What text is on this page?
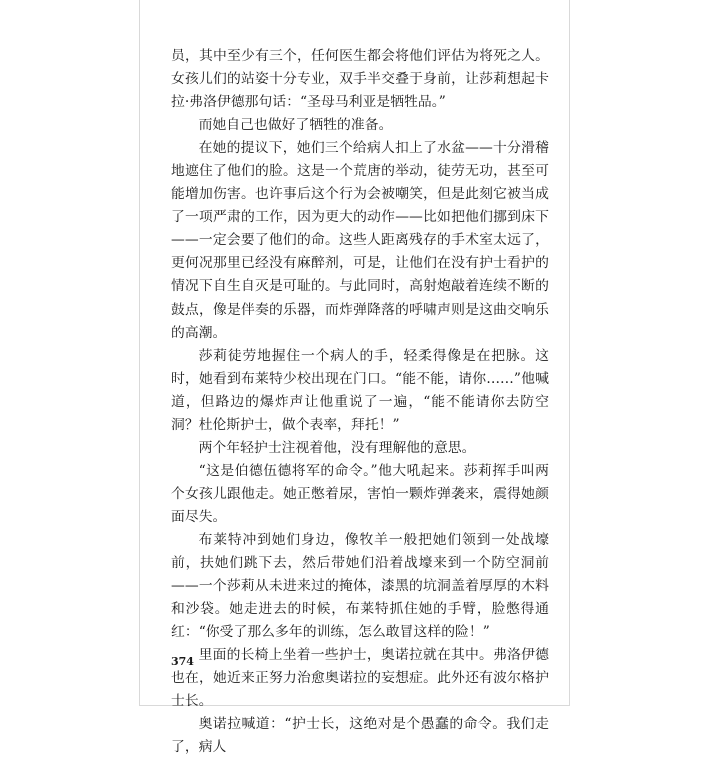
员，其中至少有三个，任何医生都会将他们评估为将死之人。女孩儿们的站姿十分专业，双手半交叠于身前，让莎莉想起卡拉·弗洛伊德那句话：“圣母马利亚是牺牲品。”

而她自己也做好了牺牲的准备。

在她的提议下，她们三个给病人扣上了水盆——十分滑稽地遮住了他们的脸。这是一个荒唐的举动，徒劳无功，甚至可能增加伤害。也许事后这个行为会被嘲笑，但是此刻它被当成了一项严肃的工作，因为更大的动作——比如把他们挪到床下——一定会要了他们的命。这些人距离残存的手术室太远了，更何况那里已经没有麻醉剂，可是，让他们在没有护士看护的情况下自生自灭是可耻的。与此同时，高射炮敲着连续不断的鼓点，像是伴奏的乐器，而炸弹降落的呼啸声则是这曲交响乐的高潮。

莎莉徒劳地握住一个病人的手，轻柔得像是在把脉。这时，她看到布莱特少校出现在门口。“能不能，请你……”他喊道，但路边的爆炸声让他重说了一遍，“能不能请你去防空洞？杜伦斯护士，做个表率，拜托！”

两个年轻护士注视着他，没有理解他的意思。

“这是伯德伍德将军的命令。”他大吼起来。莎莉挥手叫两个女孩儿跟他走。她正憋着尿，害怕一颗炸弹袭来，震得她颜面尽失。

布莱特冲到她们身边，像牧羊一般把她们领到一处战壕前，扶她们跳下去，然后带她们沿着战壕来到一个防空洞前——一个莎莉从未进来过的掩体，漆黑的坑洞盖着厚厚的木料和沙袋。她走进去的时候，布莱特抓住她的手臂，脸憋得通红：“你受了那么多年的训练，怎么敢冒这样的险！”

里面的长椅上坐着一些护士，奥诺拉就在其中。弗洛伊德也在，她近来正努力治愈奥诺拉的妄想症。此外还有波尔格护士长。

奥诺拉喊道：“护士长，这绝对是个愚蠢的命令。我们走了，病人

374
